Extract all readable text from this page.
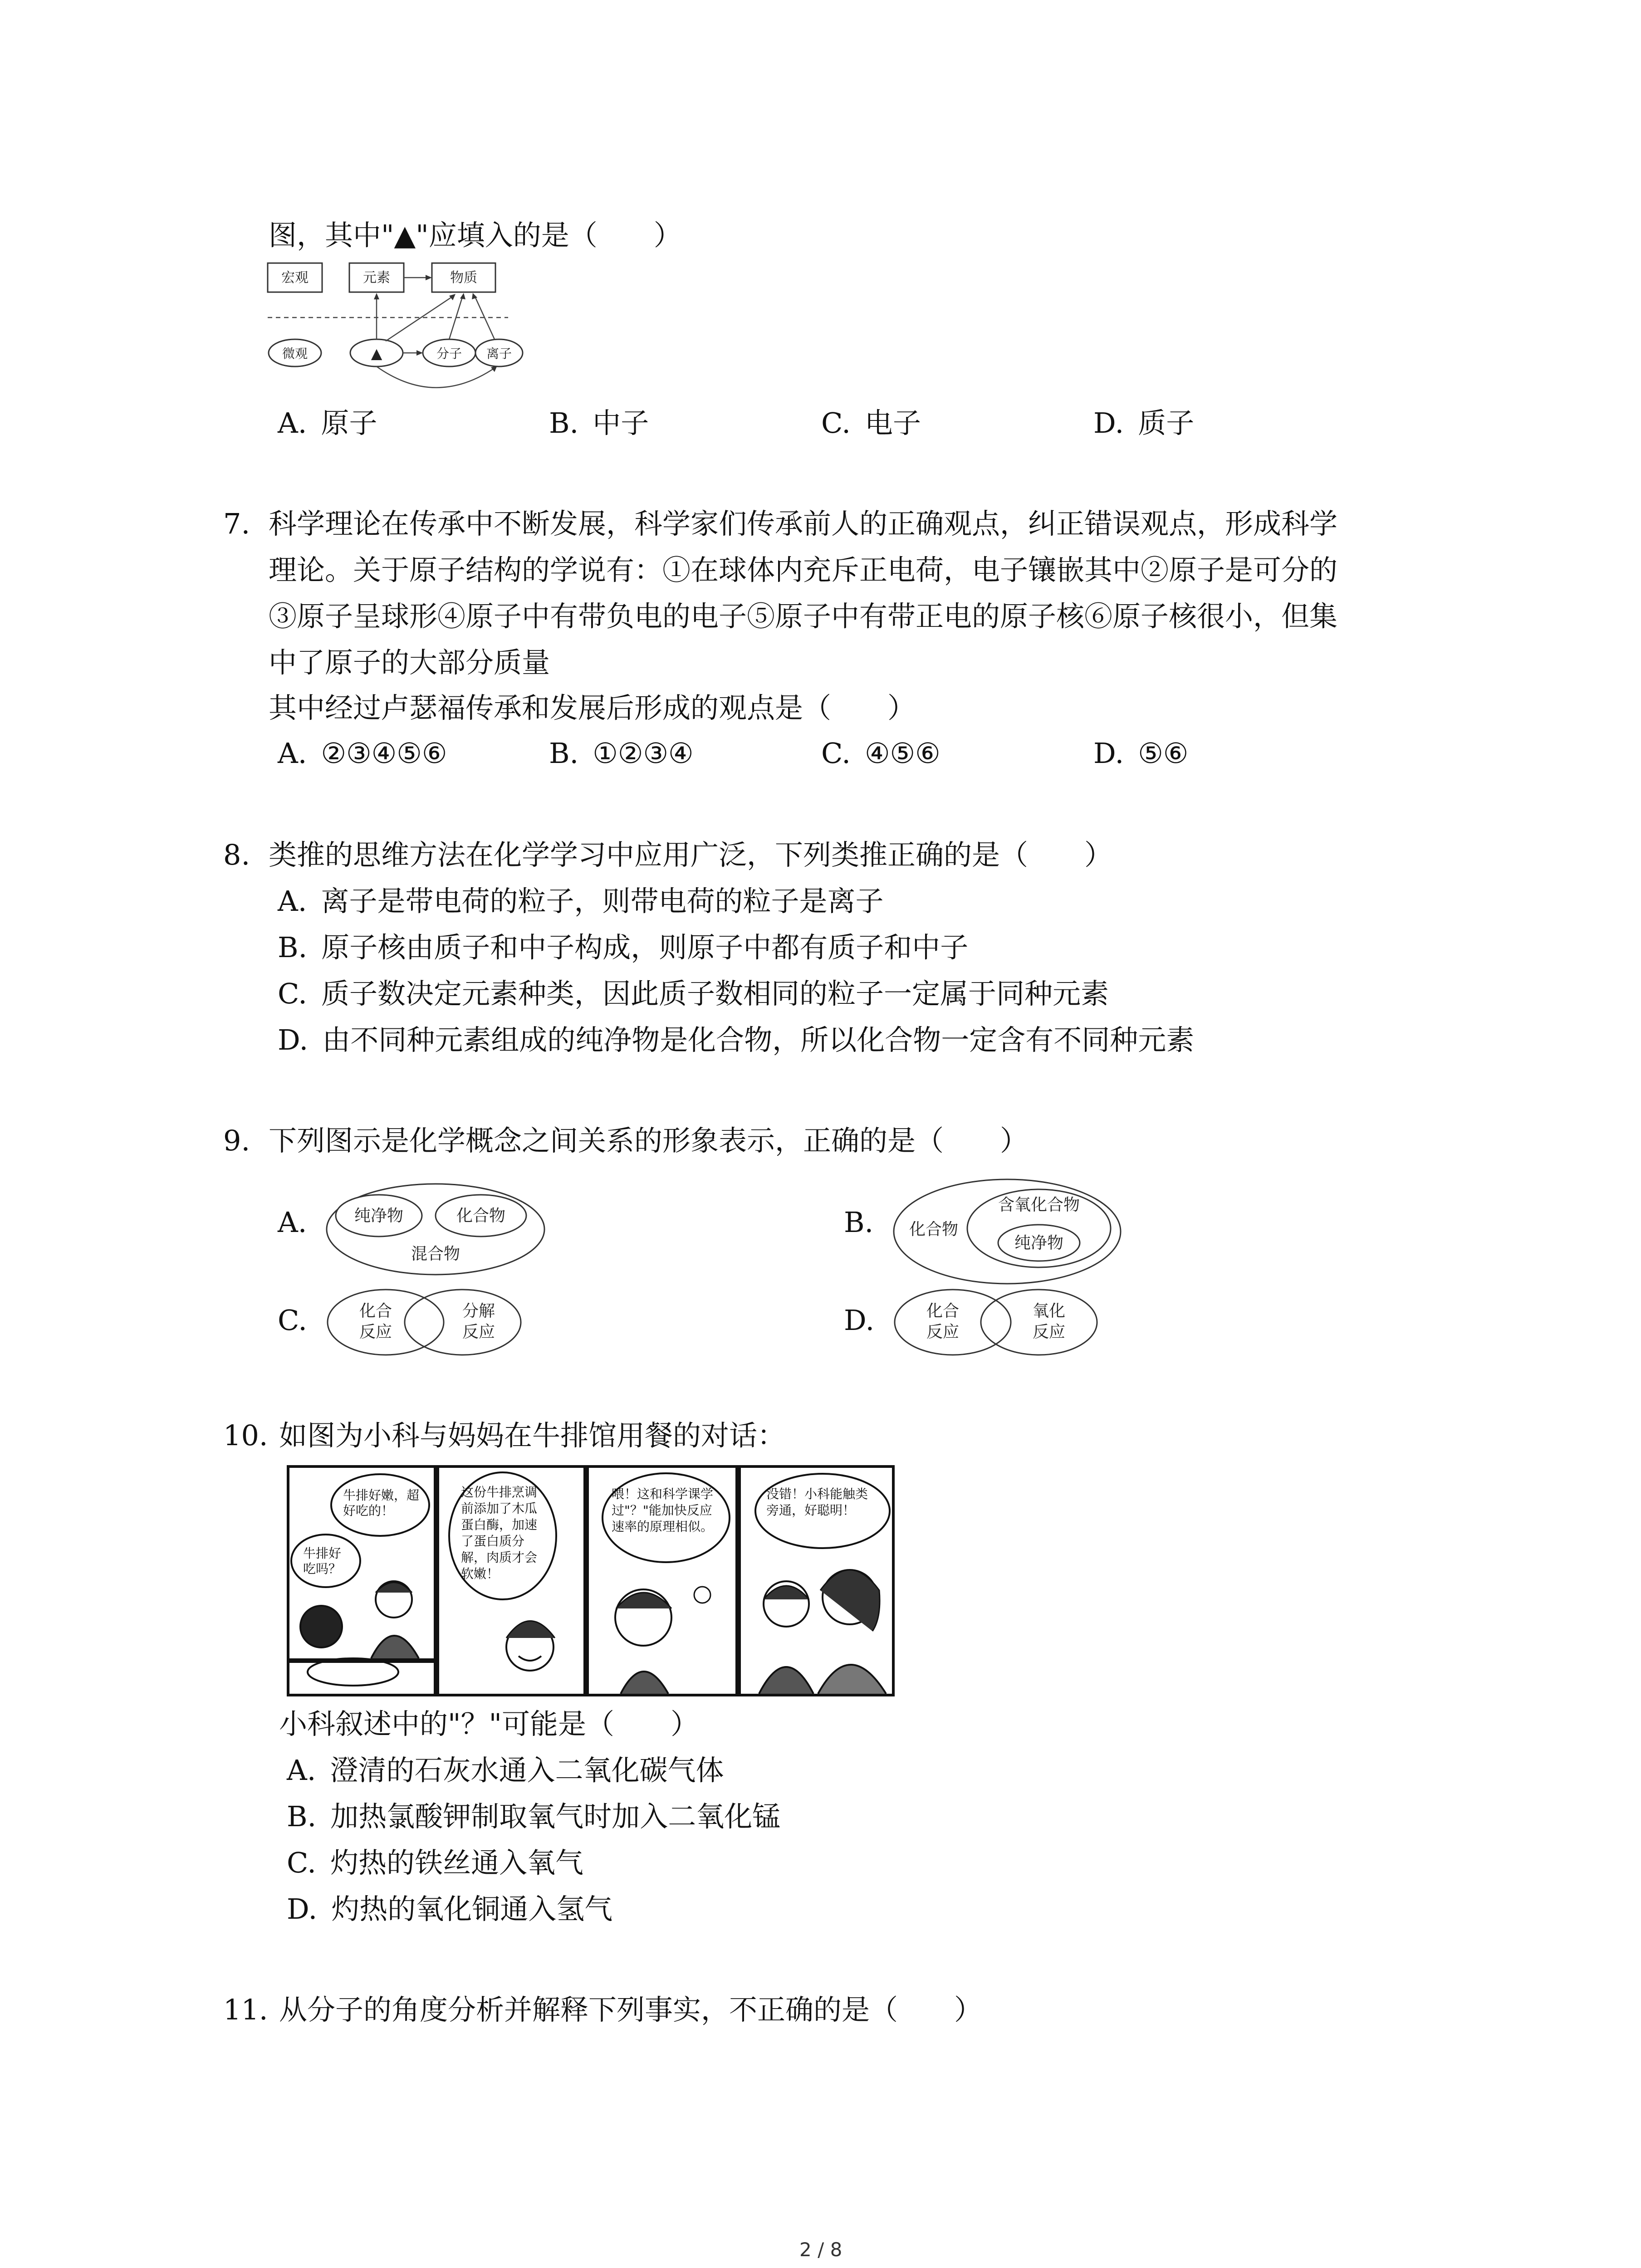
图，其中"▲"应填入的是（　　）
宏观	元素	物质
微观	▲	分子 离子
A.  原子	B.  中子	C.  电子	D.  质子
7. 科学理论在传承中不断发展，科学家们传承前人的正确观点，纠正错误观点，形成科学
理论。关于原子结构的学说有：①在球体内充斥正电荷，电子镶嵌其中②原子是可分的
③原子呈球形④原子中有带负电的电子⑤原子中有带正电的原子核⑥原子核很小，但集
中了原子的大部分质量
其中经过卢瑟福传承和发展后形成的观点是（　　）
A.  ②③④⑤⑥	B.  ①②③④	C.  ④⑤⑥	D.  ⑤⑥
8. 类推的思维方法在化学学习中应用广泛，下列类推正确的是（　　）
A.  离子是带电荷的粒子，则带电荷的粒子是离子
B.  原子核由质子和中子构成，则原子中都有质子和中子
C.  质子数决定元素种类，因此质子数相同的粒子一定属于同种元素
D.  由不同种元素组成的纯净物是化合物，所以化合物一定含有不同种元素
9. 下列图示是化学概念之间关系的形象表示，正确的是（　　）
A.	纯净物	化合物
混合物
B. 化合物
含氧化合物
纯净物
C.	化合
反应
分解
反应	D.	化合
反应
氧化
反应
10. 如图为小科与妈妈在牛排馆用餐的对话：
牛排好嫩，超好吃的！
牛排好吃吗？
这份牛排烹调前添加了木瓜蛋白酶，加速了蛋白质分解，肉质才会软嫩！
喂！这和科学课学过"？"能加快反应速率的原理相似。
没错！小科能触类旁通，好聪明！
小科叙述中的"？"可能是（　　）
A.  澄清的石灰水通入二氧化碳气体
B.  加热氯酸钾制取氧气时加入二氧化锰
C.  灼热的铁丝通入氧气
D.  灼热的氧化铜通入氢气
11. 从分子的角度分析并解释下列事实，不正确的是（　　）
2 / 8
